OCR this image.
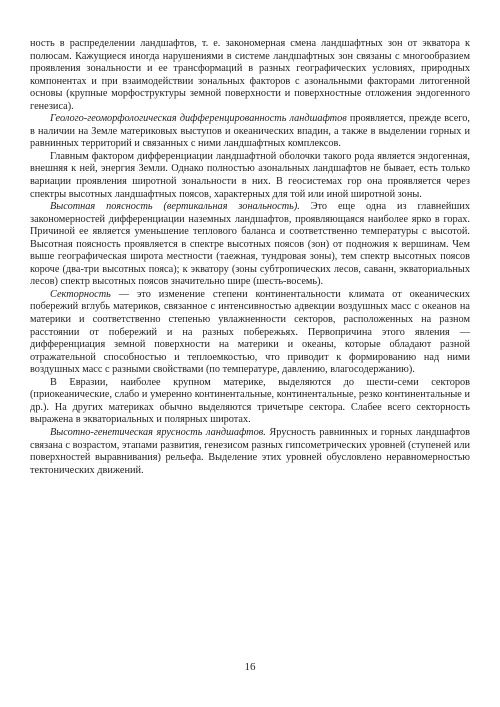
ность в распределении ландшафтов, т. е. закономерная смена ландшафтных зон от экватора к полюсам. Кажущиеся иногда нарушениями в системе ландшафтных зон связаны с многообразием проявления зональности и ее трансформаций в разных географических условиях, природных компонентах и при взаимодействии зональных факторов с азональными факторами литогенной основы (крупные морфоструктуры земной поверхности и поверхностные отложения эндогенного генезиса).

Геолого-геоморфологическая дифференцированность ландшафтов проявляется, прежде всего, в наличии на Земле материковых выступов и океанических впадин, а также в выделении горных и равнинных территорий и связанных с ними ландшафтных комплексов.

Главным фактором дифференциации ландшафтной оболочки такого рода является эндогенная, внешняя к ней, энергия Земли. Однако полностью азональных ландшафтов не бывает, есть только вариации проявления широтной зональности в них. В геосистемах гор она проявляется через спектры высотных ландшафтных поясов, характерных для той или иной широтной зоны.

Высотная поясность (вертикальная зональность). Это еще одна из главнейших закономерностей дифференциации наземных ландшафтов, проявляющаяся наиболее ярко в горах. Причиной ее является уменьшение теплового баланса и соответственно температуры с высотой. Высотная поясность проявляется в спектре высотных поясов (зон) от подножия к вершинам. Чем выше географическая широта местности (таежная, тундровая зоны), тем спектр высотных поясов короче (два-три высотных пояса); к экватору (зоны субтропических лесов, саванн, экваториальных лесов) спектр высотных поясов значительно шире (шесть-восемь).

Секторность — это изменение степени континентальности климата от океанических побережий вглубь материков, связанное с интенсивностью адвекции воздушных масс с океанов на материки и соответственно степенью увлажненности секторов, расположенных на разном расстоянии от побережий и на разных побережьях. Первопричина этого явления — дифференциация земной поверхности на материки и океаны, которые обладают разной отражательной способностью и теплоемкостью, что приводит к формированию над ними воздушных масс с разными свойствами (по температуре, давлению, влагосодержанию).

В Евразии, наиболее крупном материке, выделяются до шести-семи секторов (приокеанические, слабо и умеренно континентальные, континентальные, резко континентальные и др.). На других материках обычно выделяются тричетыре сектора. Слабее всего секторность выражена в экваториальных и полярных широтах.

Высотно-генетическая ярусность ландшафтов. Ярусность равнинных и горных ландшафтов связана с возрастом, этапами развития, генезисом разных гипсометрических уровней (ступеней или поверхностей выравнивания) рельефа. Выделение этих уровней обусловлено неравномерностью тектонических движений.

16
